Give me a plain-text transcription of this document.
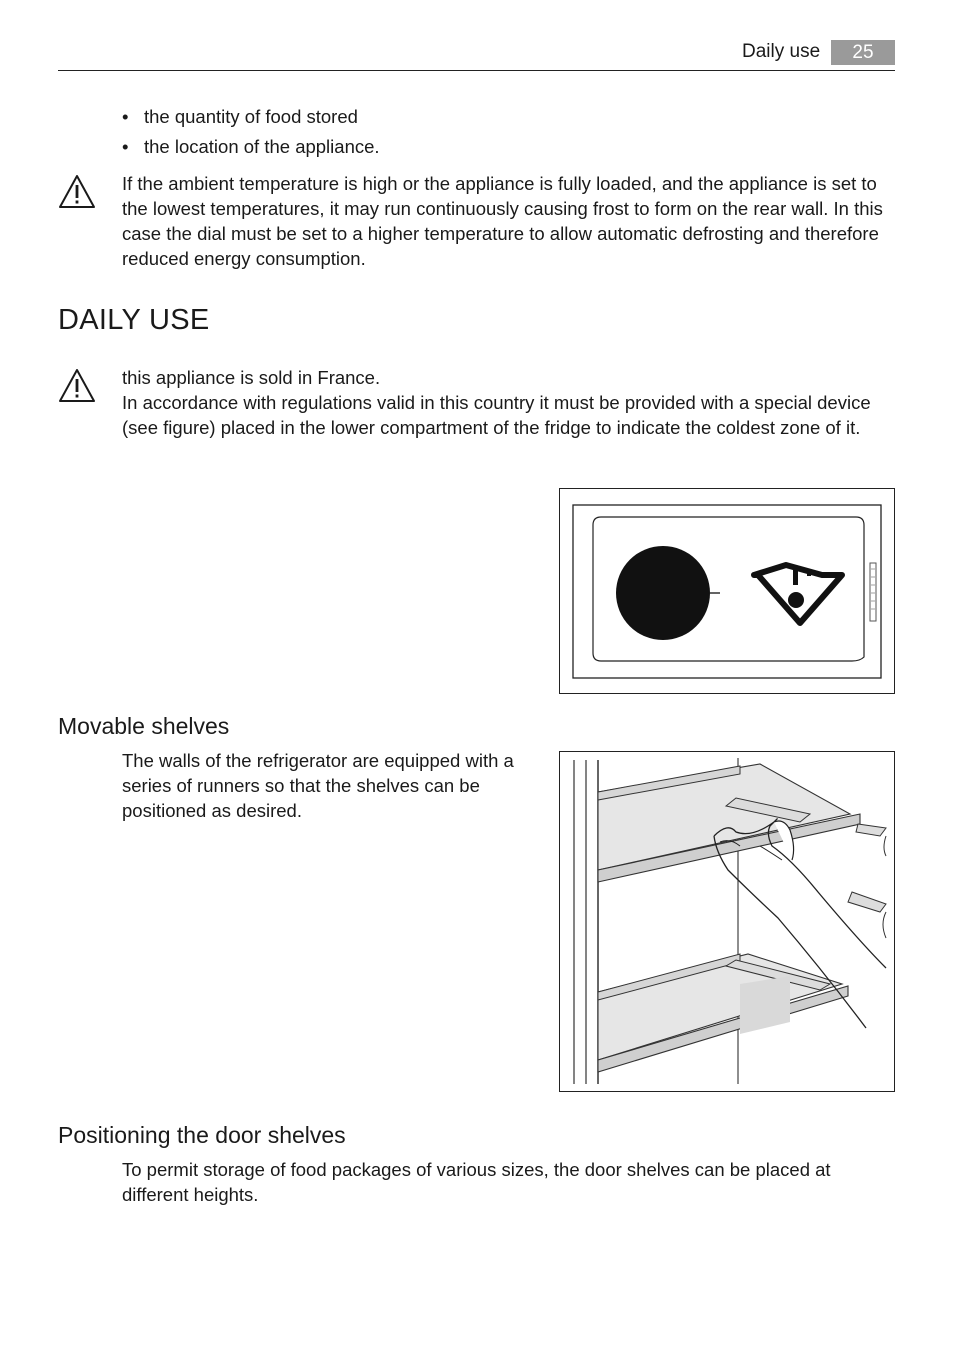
Daily use	25
• the quantity of food stored
• the location of the appliance.
If the ambient temperature is high or the appliance is fully loaded, and the appliance is set to the lowest temperatures, it may run continuously causing frost to form on the rear wall. In this case the dial must be set to a higher temperature to allow automatic defrosting and therefore reduced energy consumption.
DAILY USE
this appliance is sold in France.
In accordance with regulations valid in this country it must be provided with a special device (see figure) placed in the lower compartment of the fridge to indicate the coldest zone of it.
Movable shelves
The walls of the refrigerator are equipped with a series of runners so that the shelves can be positioned as desired.
Positioning the door shelves
To permit storage of food packages of various sizes, the door shelves can be placed at different heights.
